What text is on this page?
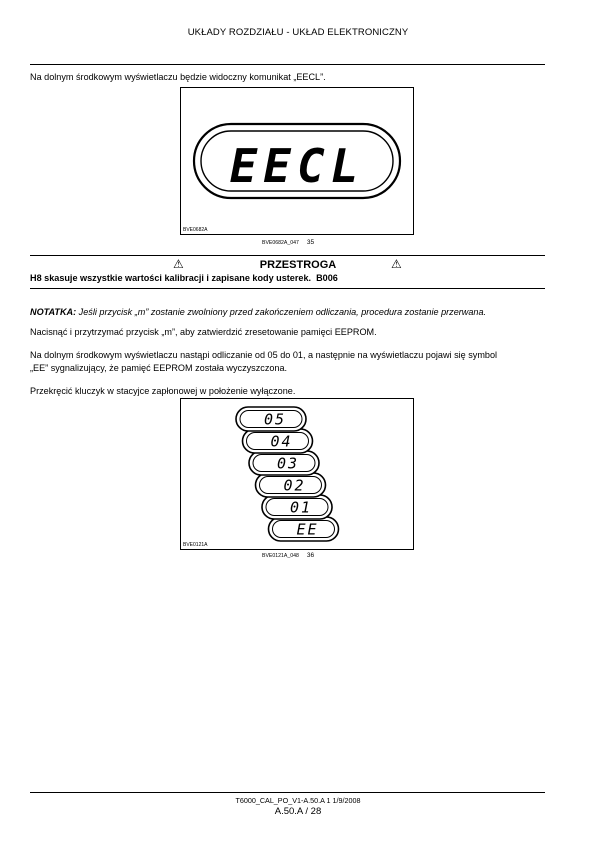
UKŁADY ROZDZIAŁU - UKŁAD ELEKTRONICZNY
Na dolnym środkowym wyświetlaczu będzie widoczny komunikat „EECL”.
EECL
BVE0682A
BVE0682A_047 35
⚠	PRZESTROGA	⚠
H8 skasuje wszystkie wartości kalibracji i zapisane kody usterek. B006
NOTATKA: Jeśli przycisk „m” zostanie zwolniony przed zakończeniem odliczania, procedura zostanie przerwana.
Nacisnąć i przytrzymać przycisk „m”, aby zatwierdzić zresetowanie pamięci EEPROM.
Na dolnym środkowym wyświetlaczu nastąpi odliczanie od 05 do 01, a następnie na wyświetlaczu pojawi się symbol
„EE” sygnalizujący, że pamięć EEPROM została wyczyszczona.
Przekręcić kluczyk w stacyjce zapłonowej w położenie wyłączone.
EE
01
02
03
04
05
BVE0121A
BVE0121A_048 36
T6000_CAL_PO_V1-A.50.A 1 1/9/2008
A.50.A / 28
